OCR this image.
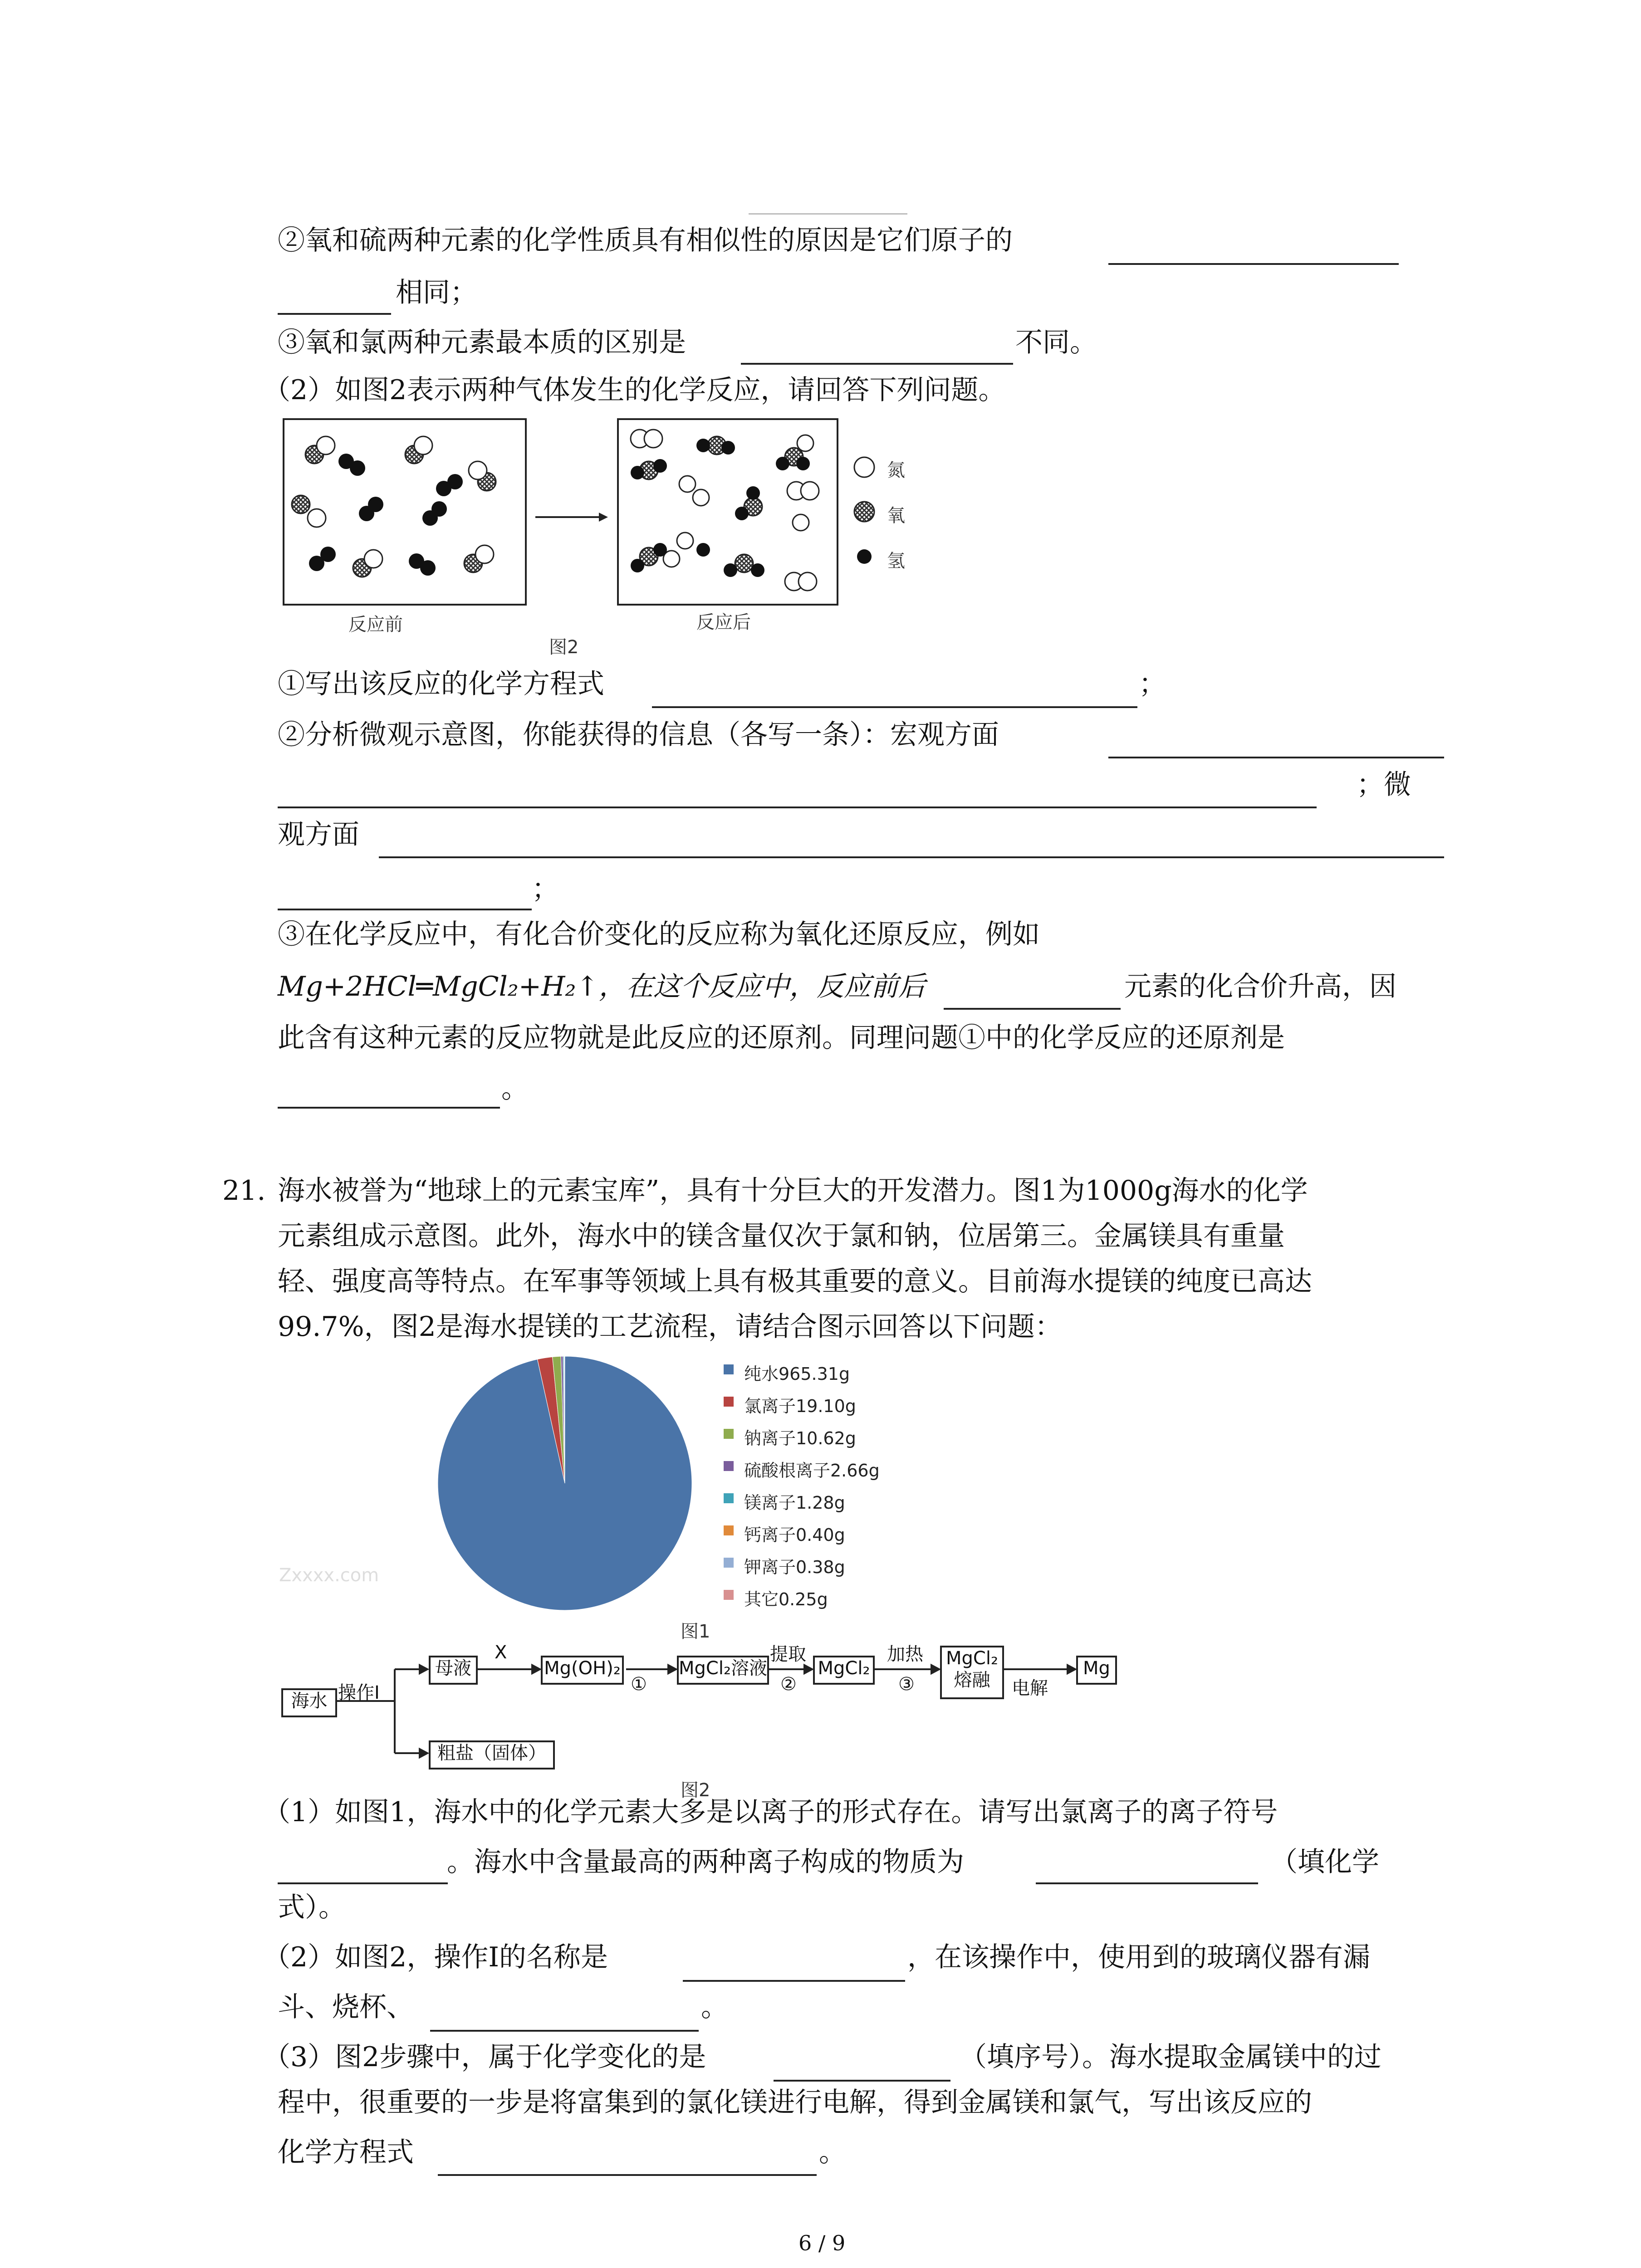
②氧和硫两种元素的化学性质具有相似性的原因是它们原子的
相同；
③氧和氯两种元素最本质的区别是	不同。
（2）如图2表示两种气体发生的化学反应，请回答下列问题。
氮
氧
氢
反应前	反应后
图2
①写出该反应的化学方程式	；
②分析微观示意图，你能获得的信息（各写一条）：宏观方面
；微
观方面
；
③在化学反应中，有化合价变化的反应称为氧化还原反应，例如
Mg+2HCl═MgCl₂+H₂↑，在这个反应中，反应前后	元素的化合价升高，因
此含有这种元素的反应物就是此反应的还原剂。同理问题①中的化学反应的还原剂是
。
21. 海水被誉为“地球上的元素宝库”，具有十分巨大的开发潜力。图1为1000g海水的化学
元素组成示意图。此外，海水中的镁含量仅次于氯和钠，位居第三。金属镁具有重量
轻、强度高等特点。在军事等领域上具有极其重要的意义。目前海水提镁的纯度已高达
99.7%，图2是海水提镁的工艺流程，请结合图示回答以下问题：
Zxxxx.com
纯水965.31g
氯离子19.10g
钠离子10.62g
硫酸根离子2.66g
镁离子1.28g
钙离子0.40g
钾离子0.38g
其它0.25g
图1
海水 操作Ⅰ
母液
X
Mg(OH)₂
①
MgCl₂溶液
提取
②
MgCl₂
加热
③
MgCl₂
熔融	电解
Mg
粗盐（固体）
图2
（1）如图1，海水中的化学元素大多是以离子的形式存在。请写出氯离子的离子符号
。海水中含量最高的两种离子构成的物质为	（填化学
式）。
（2）如图2，操作Ⅰ的名称是	，在该操作中，使用到的玻璃仪器有漏
斗、烧杯、	。
（3）图2步骤中，属于化学变化的是	（填序号）。海水提取金属镁中的过
程中，很重要的一步是将富集到的氯化镁进行电解，得到金属镁和氯气，写出该反应的
化学方程式	。
6 / 9
